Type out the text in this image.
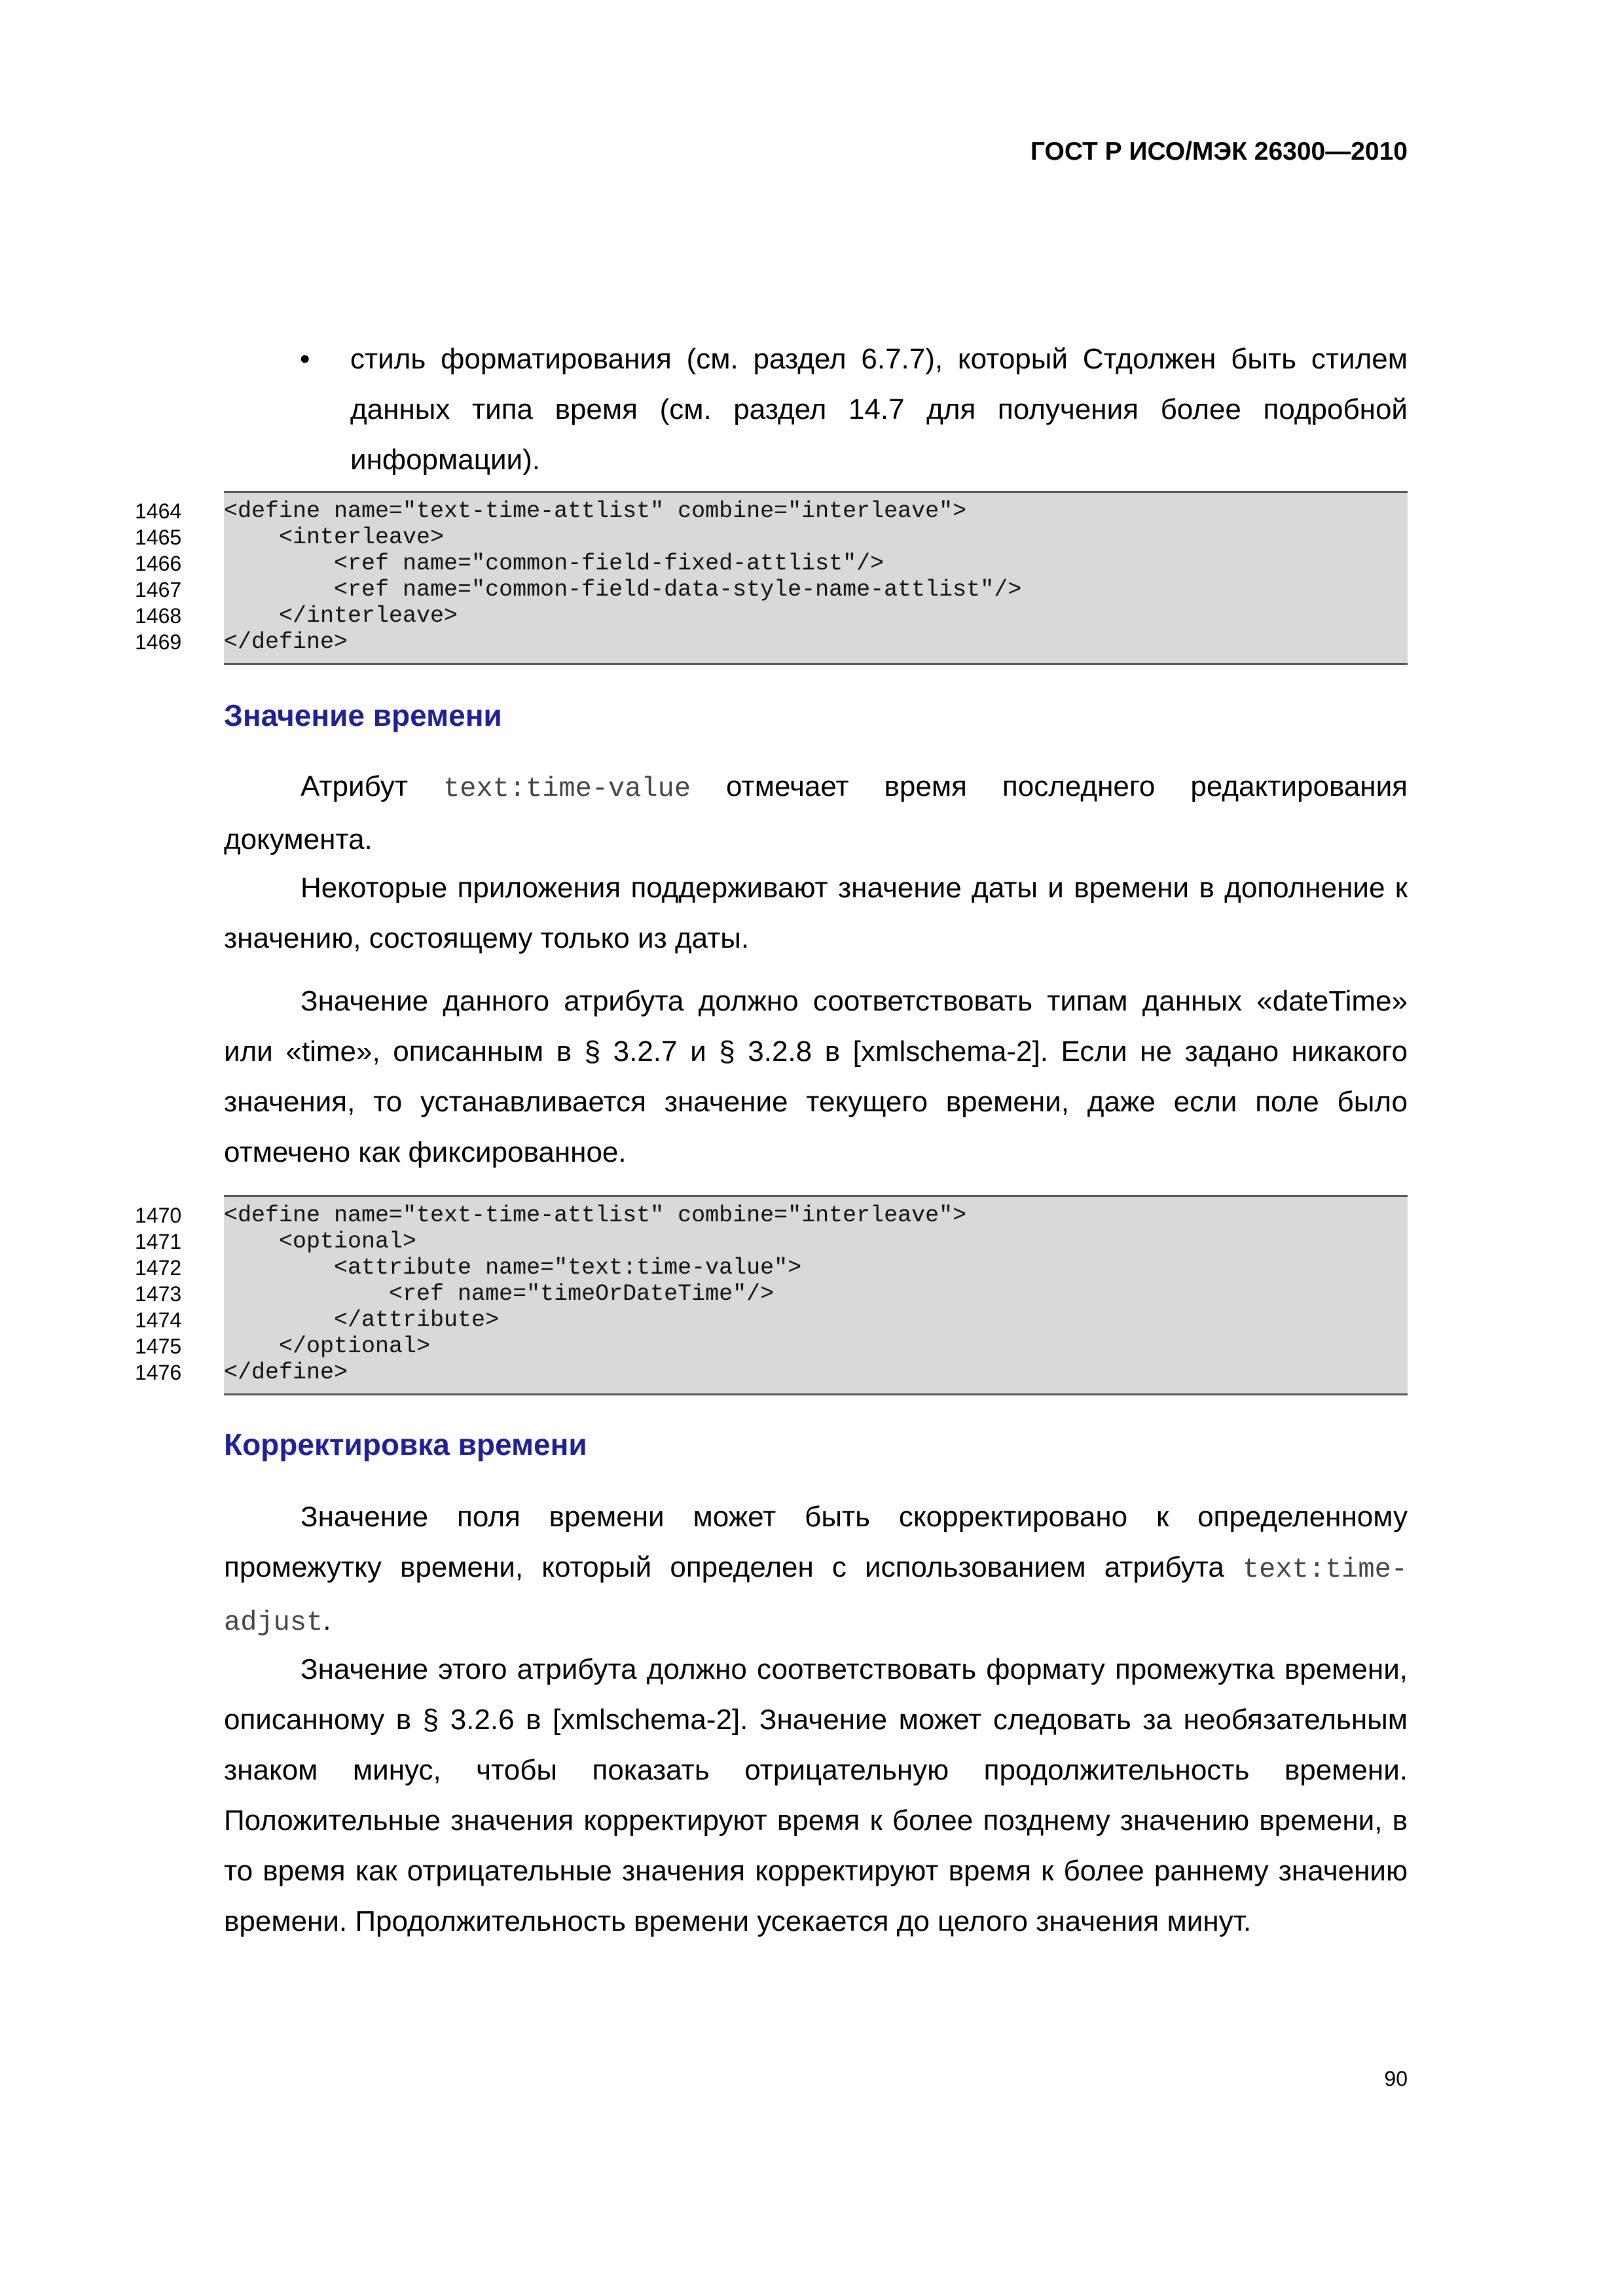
ГОСТ Р ИСО/МЭК 26300—2010
• стиль форматирования (см. раздел 6.7.7), который Стдолжен быть стилем данных типа время (см. раздел 14.7 для получения более подробной информации).
1464	<define name="text-time-attlist" combine="interleave">
1465	<interleave>
1466	<ref name="common-field-fixed-attlist"/>
1467	<ref name="common-field-data-style-name-attlist"/>
1468	</interleave>
1469	</define>
Значение времени

Атрибут text:time-value отмечает время последнего редактирования документа.

Некоторые приложения поддерживают значение даты и времени в дополнение к значению, состоящему только из даты.

Значение данного атрибута должно соответствовать типам данных «dateTime» или «time», описанным в § 3.2.7 и § 3.2.8 в [xmlschema-2]. Если не задано никакого значения, то устанавливается значение текущего времени, даже если поле было отмечено как фиксированное.

1470	<define name="text-time-attlist" combine="interleave">
1471	<optional>
1472	<attribute name="text:time-value">
1473	<ref name="timeOrDateTime"/>
1474	</attribute>
1475	</optional>
1476	</define>
Корректировка времени

Значение поля времени может быть скорректировано к определенному промежутку времени, который определен с использованием атрибута text:time-adjust.

Значение этого атрибута должно соответствовать формату промежутка времени, описанному в § 3.2.6 в [xmlschema-2]. Значение может следовать за необязательным знаком минус, чтобы показать отрицательную продолжительность времени. Положительные значения корректируют время к более позднему значению времени, в то время как отрицательные значения корректируют время к более раннему значению времени. Продолжительность времени усекается до целого значения минут.

90
